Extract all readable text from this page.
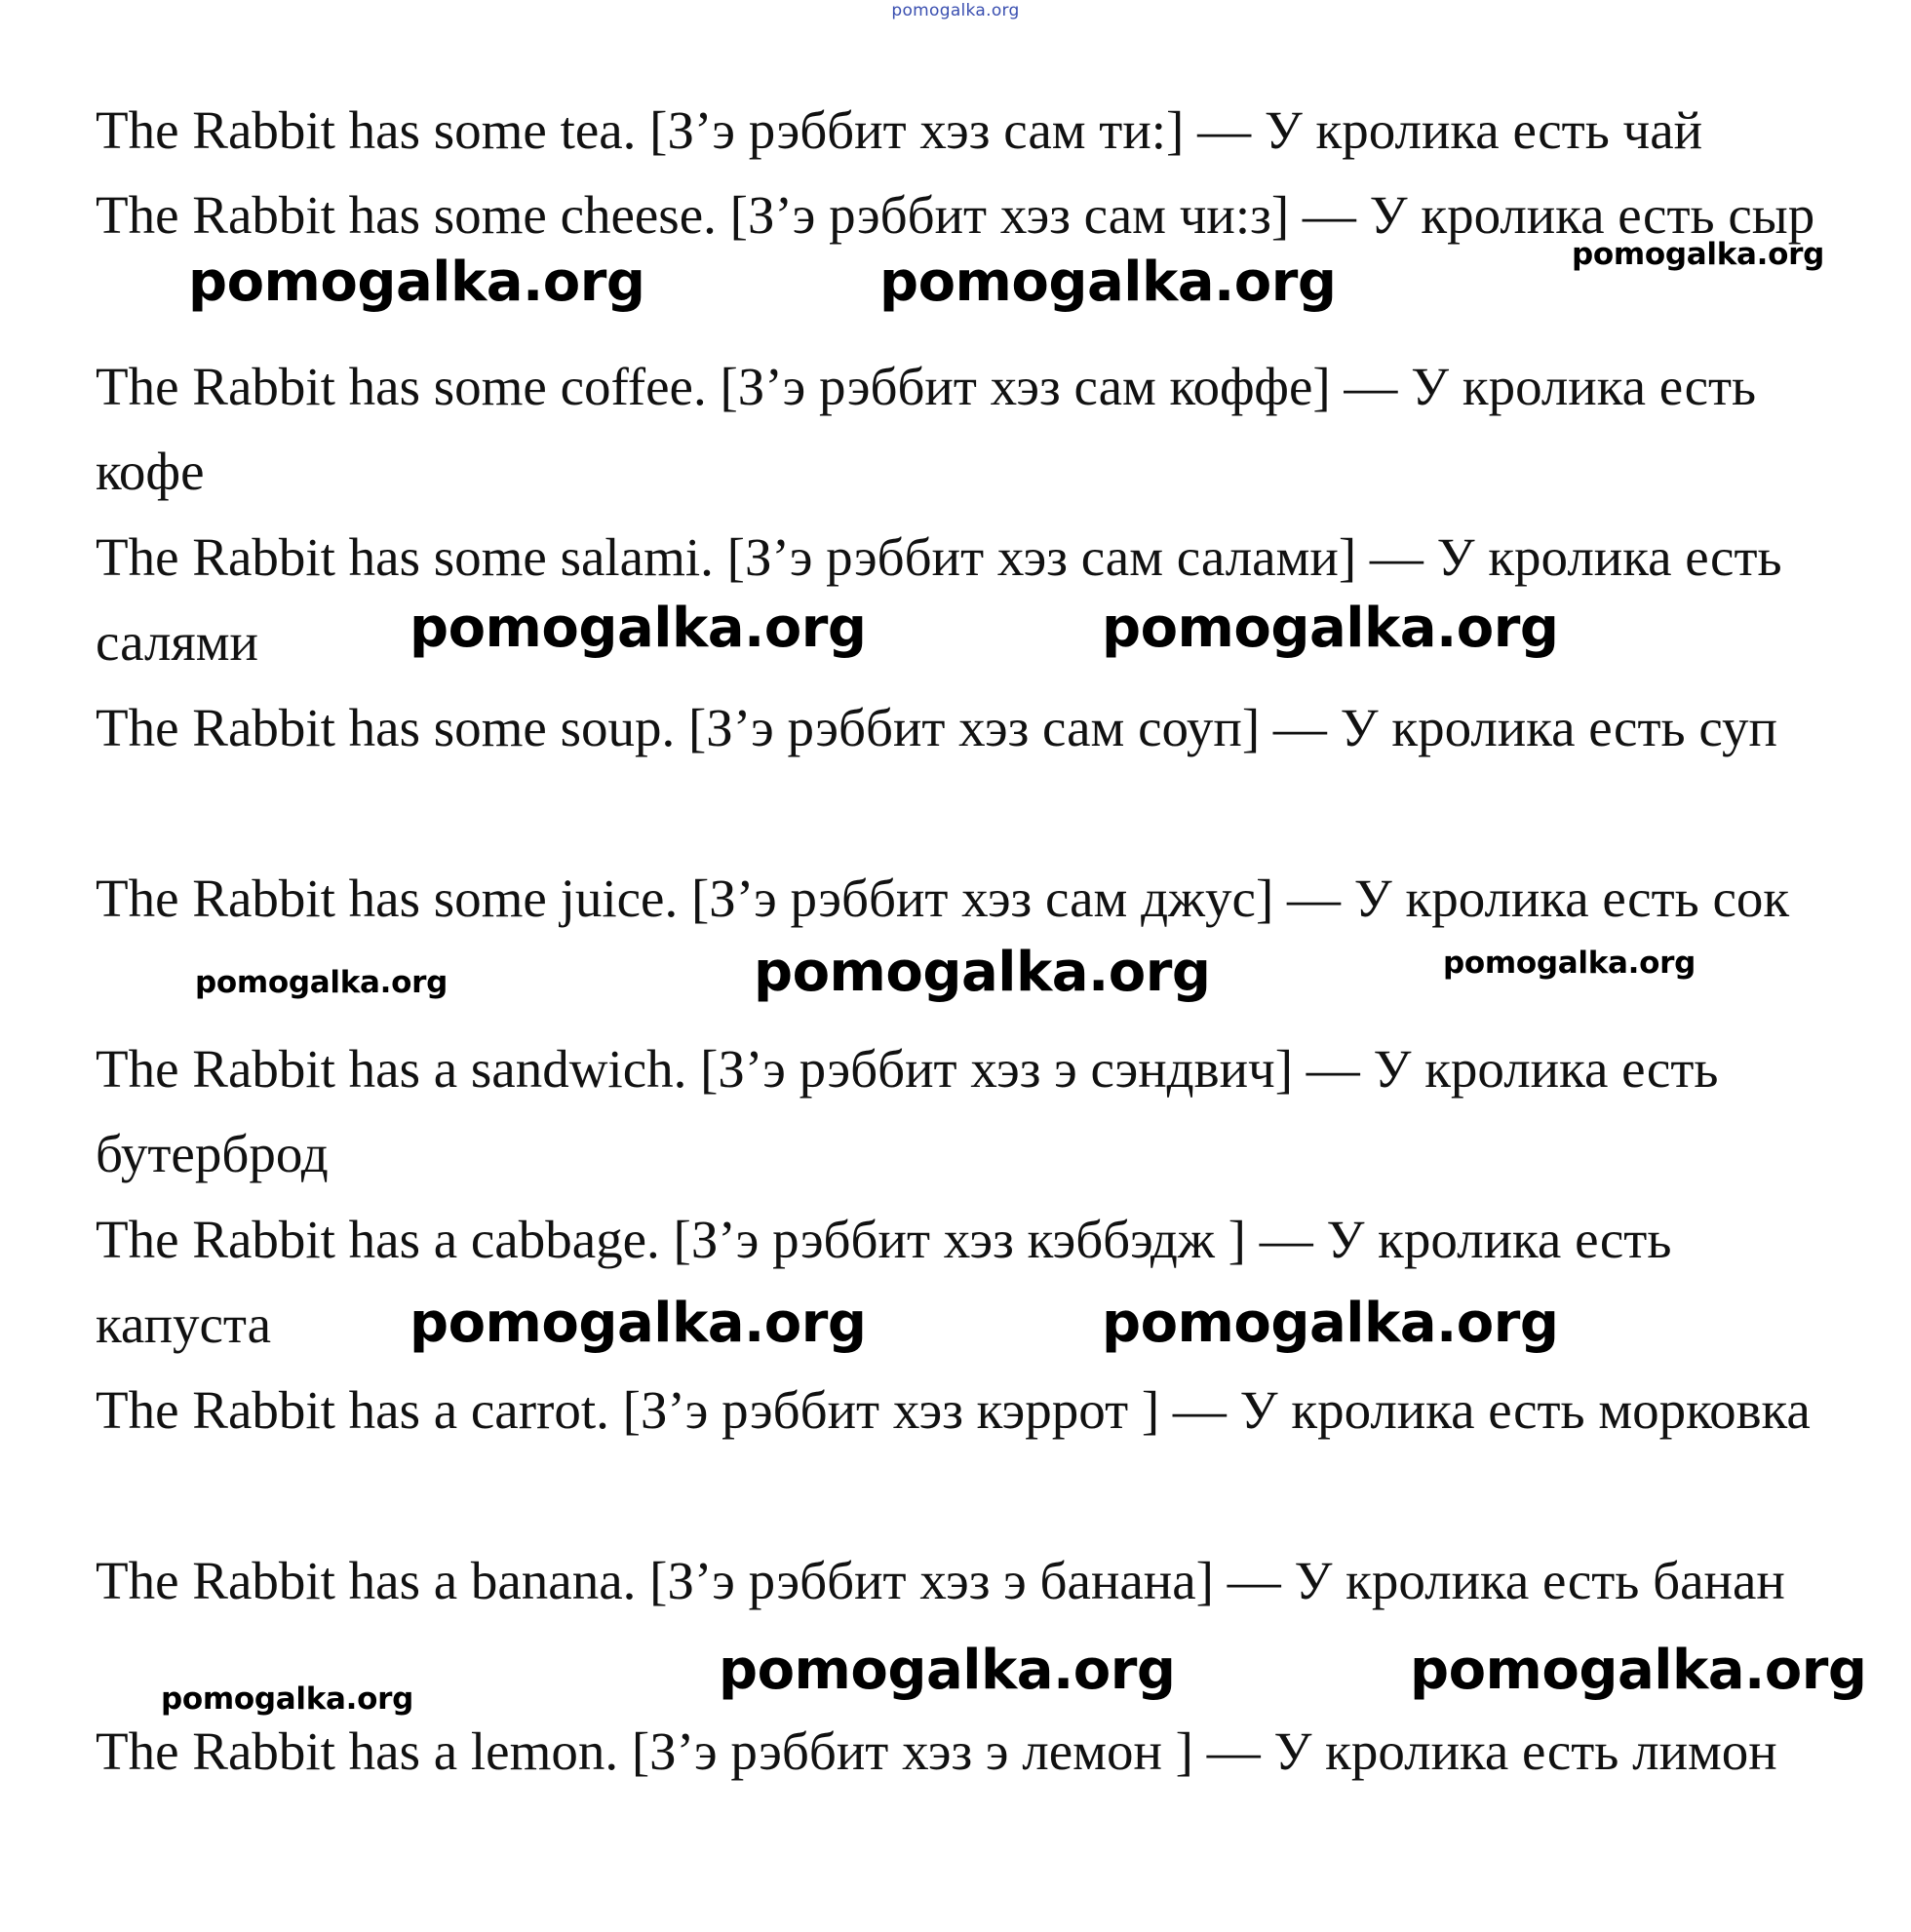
pomogalka.org

The Rabbit has some tea. [З’э рэббит хэз сам ти:] — У кролика есть чай

The Rabbit has some cheese. [З’э рэббит хэз сам чи:з] — У кролика есть сыр

The Rabbit has some coffee. [З’э рэббит хэз сам коффе] — У кролика есть кофе

The Rabbit has some salami. [З’э рэббит хэз сам салами] — У кролика есть салями

The Rabbit has some soup. [З’э рэббит хэз сам соуп] — У кролика есть суп

The Rabbit has some juice. [З’э рэббит хэз сам джус] — У кролика есть сок

The Rabbit has a sandwich. [З’э рэббит хэз э сэндвич] — У кролика есть бутерброд

The Rabbit has a cabbage. [З’э рэббит хэз кэббэдж ] — У кролика есть капуста

The Rabbit has a carrot. [З’э рэббит хэз кэррот ] — У кролика есть морковка

The Rabbit has a banana. [З’э рэббит хэз э банана] — У кролика есть банан

The Rabbit has a lemon. [З’э рэббит хэз э лемон ] — У кролика есть лимон

pomogalka.org	pomogalka.org	pomogalka.org
pomogalka.org	pomogalka.org
pomogalka.org	pomogalka.org	pomogalka.org
pomogalka.org	pomogalka.org
pomogalka.org	pomogalka.org
pomogalka.org
